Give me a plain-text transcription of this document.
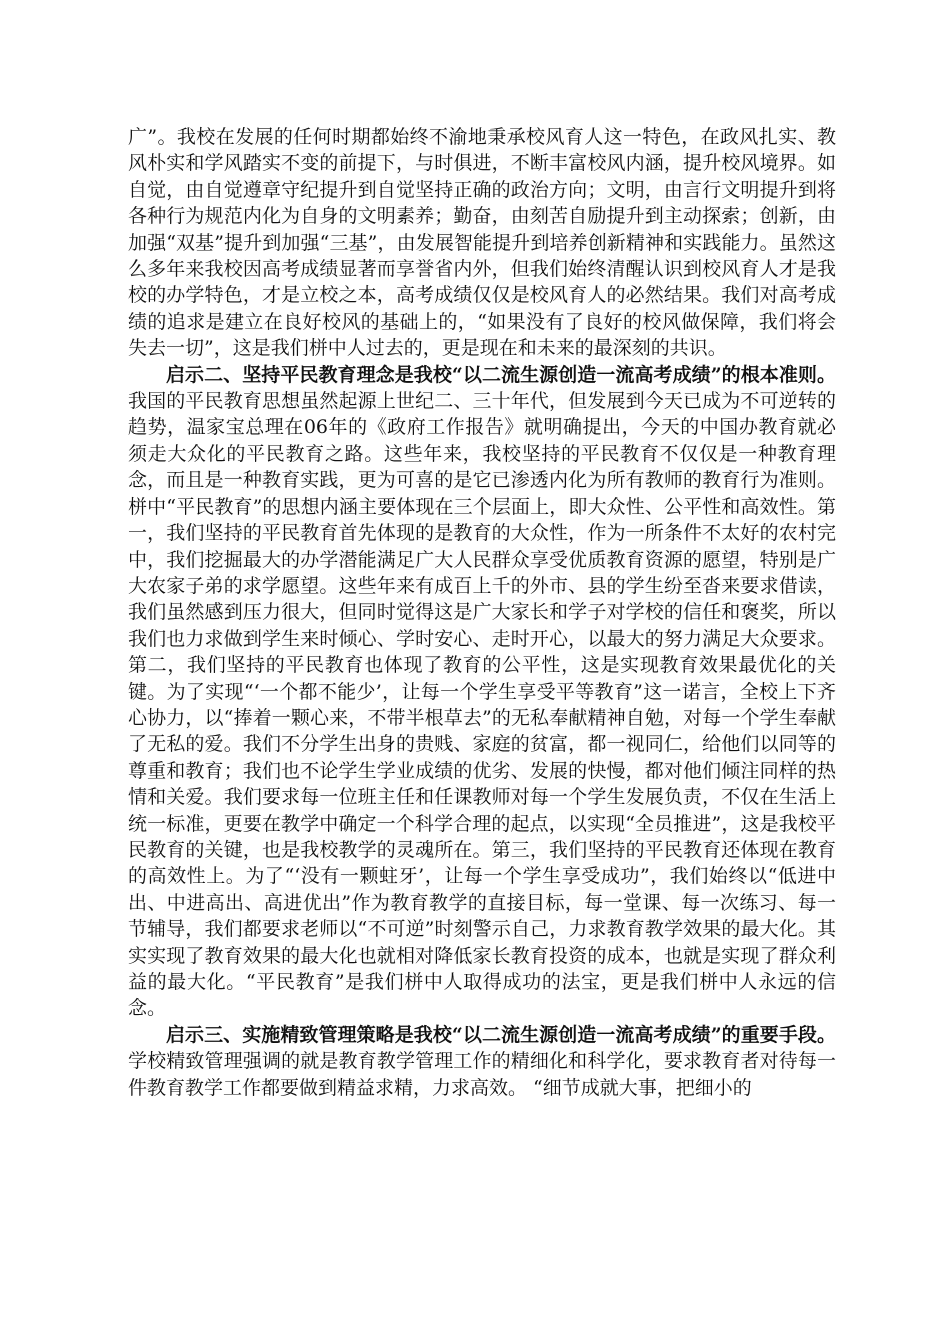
广”。我校在发展的任何时期都始终不渝地秉承校风育人这一特色，在政风扎实、教风朴实和学风踏实不变的前提下，与时俱进，不断丰富校风内涵，提升校风境界。如自觉，由自觉遵章守纪提升到自觉坚持正确的政治方向；文明，由言行文明提升到将各种行为规范内化为自身的文明素养；勤奋，由刻苦自励提升到主动探索；创新，由加强“双基”提升到加强“三基”，由发展智能提升到培养创新精神和实践能力。虽然这么多年来我校因高考成绩显著而享誉省内外，但我们始终清醒认识到校风育人才是我校的办学特色，才是立校之本，高考成绩仅仅是校风育人的必然结果。我们对高考成绩的追求是建立在良好校风的基础上的，“如果没有了良好的校风做保障，我们将会失去一切”，这是我们栟中人过去的，更是现在和未来的最深刻的共识。

启示二、坚持平民教育理念是我校“以二流生源创造一流高考成绩”的根本准则。我国的平民教育思想虽然起源上世纪二、三十年代，但发展到今天已成为不可逆转的趋势，温家宝总理在06年的《政府工作报告》就明确提出，今天的中国办教育就必须走大众化的平民教育之路。这些年来，我校坚持的平民教育不仅仅是一种教育理念，而且是一种教育实践，更为可喜的是它已渗透内化为所有教师的教育行为准则。栟中“平民教育”的思想内涵主要体现在三个层面上，即大众性、公平性和高效性。第一，我们坚持的平民教育首先体现的是教育的大众性，作为一所条件不太好的农村完中，我们挖掘最大的办学潜能满足广大人民群众享受优质教育资源的愿望，特别是广大农家子弟的求学愿望。这些年来有成百上千的外市、县的学生纷至沓来要求借读，我们虽然感到压力很大，但同时觉得这是广大家长和学子对学校的信任和褒奖，所以我们也力求做到学生来时倾心、学时安心、走时开心，以最大的努力满足大众要求。第二，我们坚持的平民教育也体现了教育的公平性，这是实现教育效果最优化的关键。为了实现“‘一个都不能少’，让每一个学生享受平等教育”这一诺言，全校上下齐心协力，以“捧着一颗心来，不带半根草去”的无私奉献精神自勉，对每一个学生奉献了无私的爱。我们不分学生出身的贵贱、家庭的贫富，都一视同仁，给他们以同等的尊重和教育；我们也不论学生学业成绩的优劣、发展的快慢，都对他们倾注同样的热情和关爱。我们要求每一位班主任和任课教师对每一个学生发展负责，不仅在生活上统一标准，更要在教学中确定一个科学合理的起点，以实现“全员推进”，这是我校平民教育的关键，也是我校教学的灵魂所在。第三，我们坚持的平民教育还体现在教育的高效性上。为了“‘没有一颗蛀牙’，让每一个学生享受成功”，我们始终以“低进中出、中进高出、高进优出”作为教育教学的直接目标，每一堂课、每一次练习、每一节辅导，我们都要求老师以“不可逆”时刻警示自己，力求教育教学效果的最大化。其实实现了教育效果的最大化也就相对降低家长教育投资的成本，也就是实现了群众利益的最大化。“平民教育”是我们栟中人取得成功的法宝，更是我们栟中人永远的信念。

启示三、实施精致管理策略是我校“以二流生源创造一流高考成绩”的重要手段。学校精致管理强调的就是教育教学管理工作的精细化和科学化，要求教育者对待每一件教育教学工作都要做到精益求精，力求高效。 “细节成就大事，把细小的
